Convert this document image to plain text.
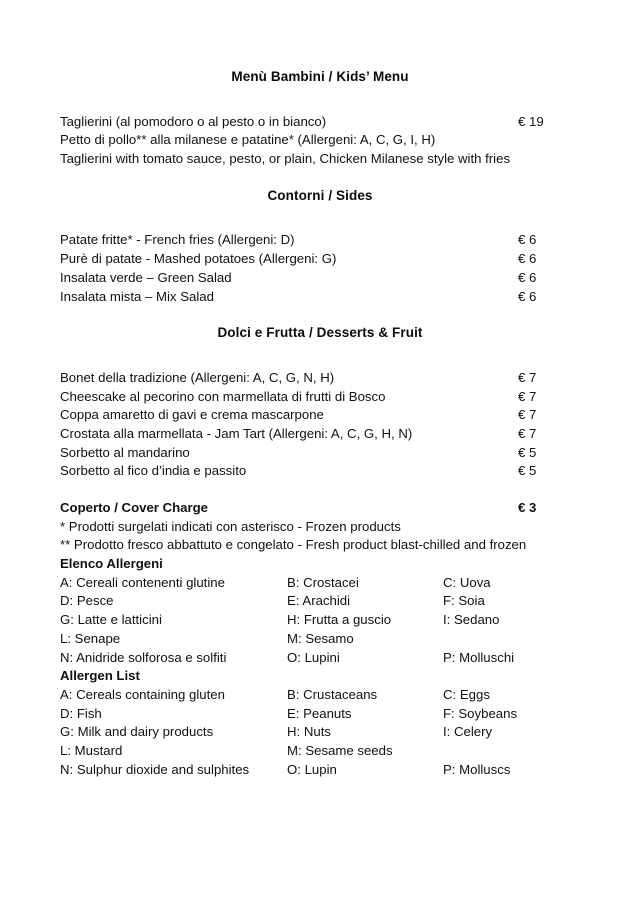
Menù Bambini / Kids’ Menu
Taglierini (al pomodoro o al pesto o in bianco)	€ 19
Petto di pollo** alla milanese e patatine* (Allergeni: A, C, G, I, H)
Taglierini with tomato sauce, pesto, or plain, Chicken Milanese style with fries
Contorni / Sides
Patate fritte* - French fries (Allergeni: D)	€ 6
Purè di patate - Mashed potatoes (Allergeni: G)	€ 6
Insalata verde – Green Salad	€ 6
Insalata mista – Mix Salad	€ 6
Dolci e Frutta / Desserts & Fruit
Bonet della tradizione (Allergeni: A, C, G, N, H)	€ 7
Cheescake al pecorino con marmellata di frutti di Bosco	€ 7
Coppa amaretto di gavi e crema mascarpone	€ 7
Crostata alla marmellata - Jam Tart (Allergeni: A, C, G, H, N)	€ 7
Sorbetto al mandarino	€ 5
Sorbetto al fico d’india e passito	€ 5
Coperto / Cover Charge	€ 3
* Prodotti surgelati indicati con asterisco - Frozen products
** Prodotto fresco abbattuto e congelato - Fresh product blast-chilled and frozen
Elenco Allergeni
A: Cereali contenenti glutine	B: Crostacei	C: Uova
D: Pesce	E: Arachidi	F: Soia
G: Latte e latticini	H: Frutta a guscio	I: Sedano
L: Senape	M: Sesamo
N: Anidride solforosa e solfiti	O: Lupini	P: Molluschi
Allergen List
A: Cereals containing gluten	B: Crustaceans	C: Eggs
D: Fish	E: Peanuts	F: Soybeans
G: Milk and dairy products	H: Nuts	I: Celery
L: Mustard	M: Sesame seeds
N: Sulphur dioxide and sulphites	O: Lupin	P: Molluscs
